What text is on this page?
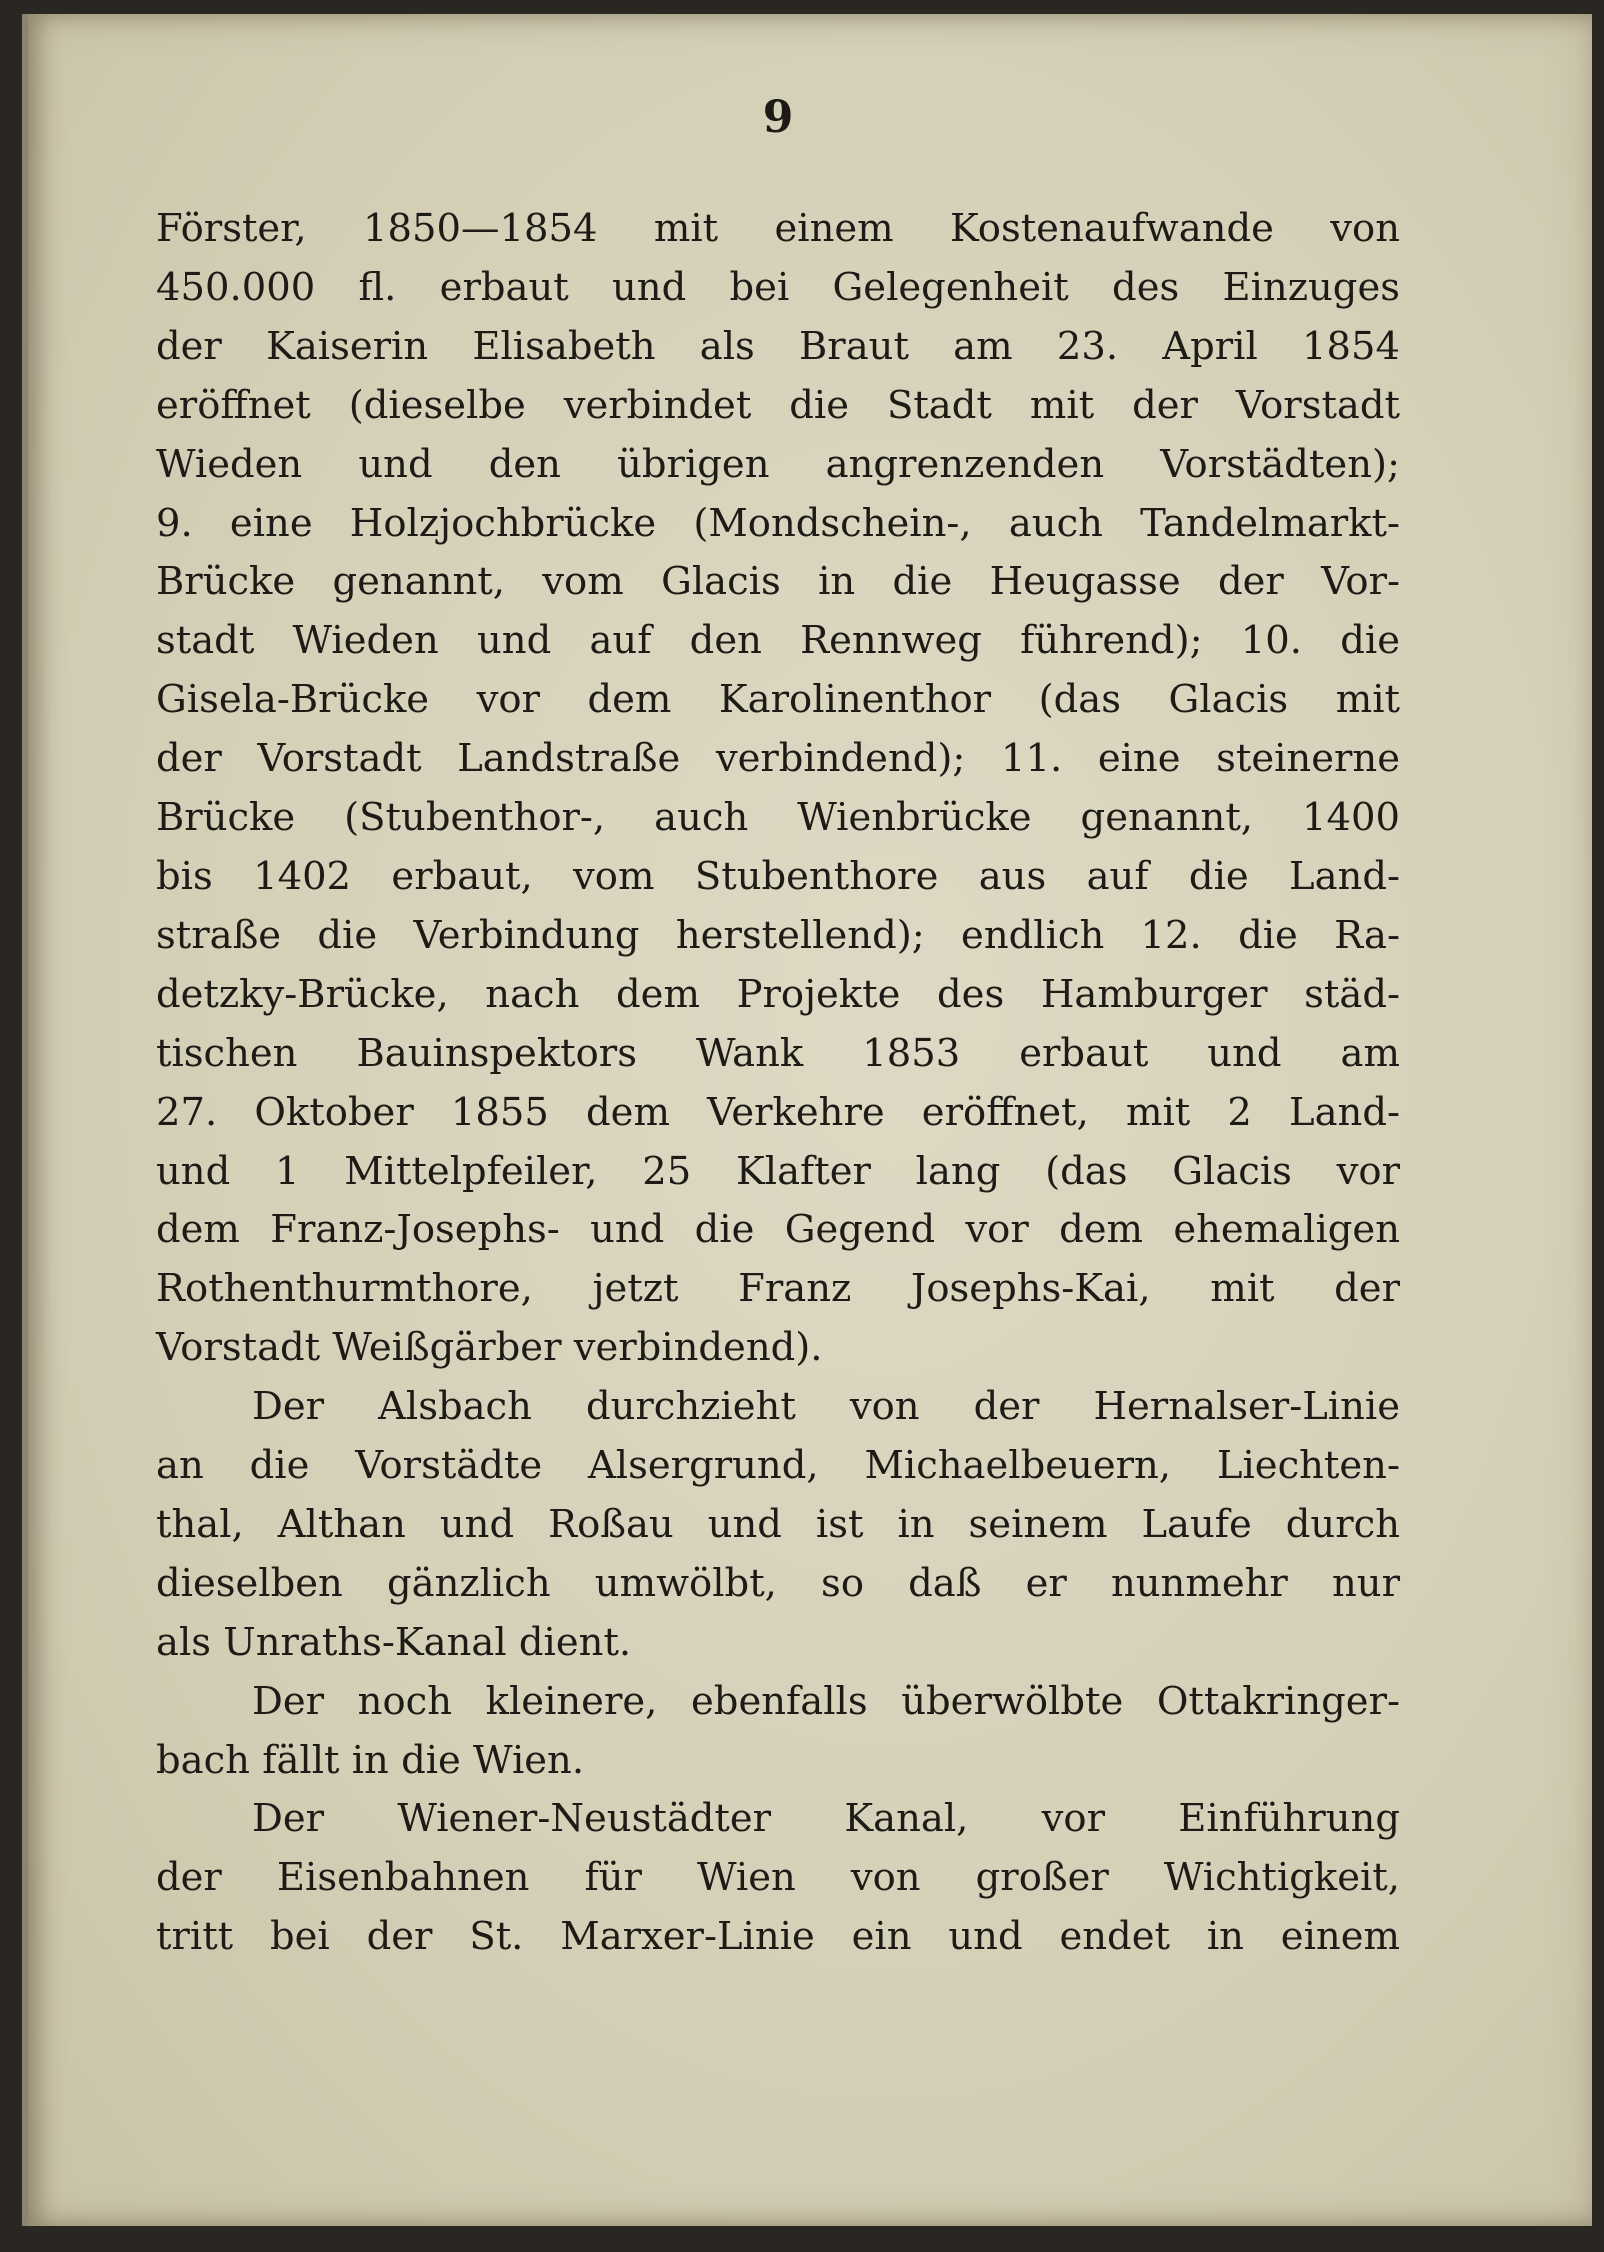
9
Förster, 1850—1854 mit einem Kostenaufwande von
450.000 fl. erbaut und bei Gelegenheit des Einzuges
der Kaiserin Elisabeth als Braut am 23. April 1854
eröffnet (dieselbe verbindet die Stadt mit der Vorstadt
Wieden und den übrigen angrenzenden Vorstädten);
9. eine Holzjochbrücke (Mondschein-, auch Tandelmarkt-
Brücke genannt, vom Glacis in die Heugasse der Vor-
stadt Wieden und auf den Rennweg führend); 10. die
Gisela-Brücke vor dem Karolinenthor (das Glacis mit
der Vorstadt Landstraße verbindend); 11. eine steinerne
Brücke (Stubenthor-, auch Wienbrücke genannt, 1400
bis 1402 erbaut, vom Stubenthore aus auf die Land-
straße die Verbindung herstellend); endlich 12. die Ra-
detzky-Brücke, nach dem Projekte des Hamburger städ-
tischen Bauinspektors Wank 1853 erbaut und am
27. Oktober 1855 dem Verkehre eröffnet, mit 2 Land-
und 1 Mittelpfeiler, 25 Klafter lang (das Glacis vor
dem Franz-Josephs- und die Gegend vor dem ehemaligen
Rothenthurmthore, jetzt Franz Josephs-Kai, mit der
Vorstadt Weißgärber verbindend).
Der Alsbach durchzieht von der Hernalser-Linie
an die Vorstädte Alsergrund, Michaelbeuern, Liechten-
thal, Althan und Roßau und ist in seinem Laufe durch
dieselben gänzlich umwölbt, so daß er nunmehr nur
als Unraths-Kanal dient.
Der noch kleinere, ebenfalls überwölbte Ottakringer-
bach fällt in die Wien.
Der Wiener-Neustädter Kanal, vor Einführung
der Eisenbahnen für Wien von großer Wichtigkeit,
tritt bei der St. Marxer-Linie ein und endet in einem
